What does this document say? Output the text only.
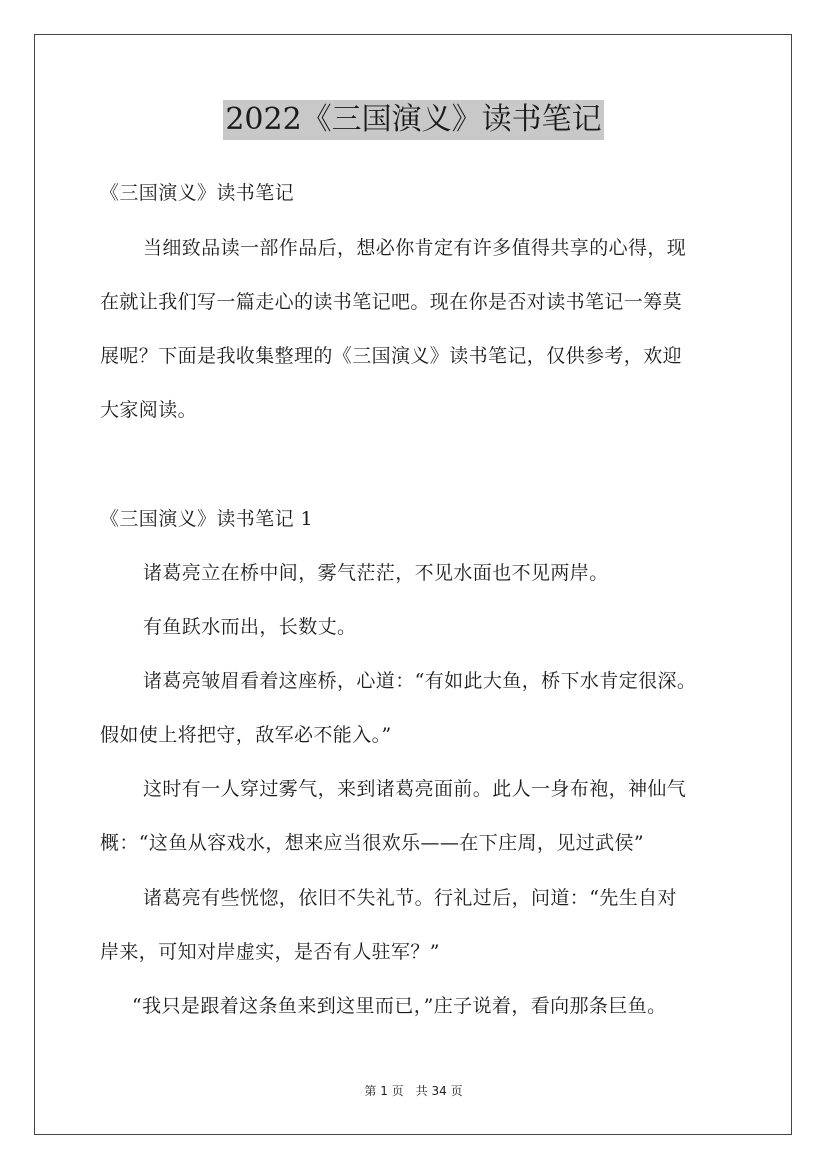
2022《三国演义》读书笔记
《三国演义》读书笔记
当细致品读一部作品后，想必你肯定有许多值得共享的心得，现
在就让我们写一篇走心的读书笔记吧。现在你是否对读书笔记一筹莫
展呢？下面是我收集整理的《三国演义》读书笔记，仅供参考，欢迎
大家阅读。
《三国演义》读书笔记 1
诸葛亮立在桥中间，雾气茫茫，不见水面也不见两岸。
有鱼跃水而出，长数丈。
诸葛亮皱眉看着这座桥，心道：“有如此大鱼，桥下水肯定很深。
假如使上将把守，敌军必不能入。”
这时有一人穿过雾气，来到诸葛亮面前。此人一身布袍，神仙气
概：“这鱼从容戏水，想来应当很欢乐——在下庄周，见过武侯”
诸葛亮有些恍惚，依旧不失礼节。行礼过后，问道：“先生自对
岸来，可知对岸虚实，是否有人驻军？”
“我只是跟着这条鱼来到这里而已，”庄子说着，看向那条巨鱼。
第 1 页　共 34 页
